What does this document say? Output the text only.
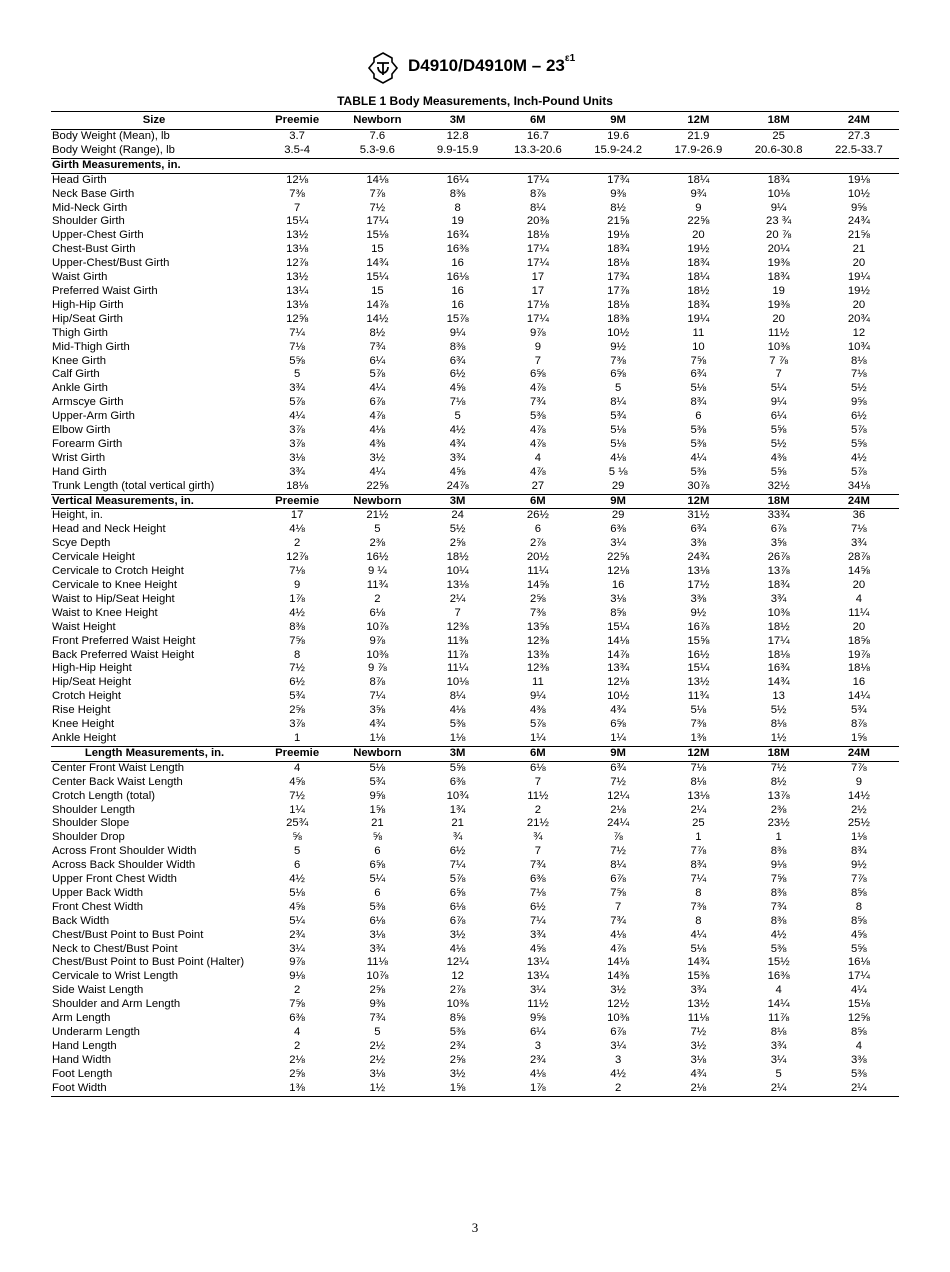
$D4910/D4910M - 23^{\varepsilon 1}$
TABLE 1 Body Measurements, Inch-Pound Units
Size	Preemie	Newborn	3M	6M	9M	12M	18M	24M
Body Weight (Mean), lb	3.7	7.6	12.8	16.7	19.6	21.9	25	27.3
Body Weight (Range), lb	3.5-4	5.3-9.6	9.9-15.9	13.3-20.6	15.9-24.2	17.9-26.9	20.6-30.8	22.5-33.7
Girth Measurements, in.								
Head Girth	12⅛	14⅛	16¼	17¼	17¾	18¼	18¾	19⅛
Neck Base Girth	7⅜	7⅞	8⅜	8⅞	9⅜	9¾	10⅛	10½
Mid-Neck Girth	7	7½	8	8¼	8½	9	9¼	9⅝
Shoulder Girth	15¼	17¼	19	20⅜	21⅝	22⅝	23 ¾	24¾
Upper-Chest Girth	13½	15⅛	16¾	18⅛	19⅛	20	20 ⅞	21⅝
Chest-Bust Girth	13⅛	15	16⅜	17¼	18¾	19½	20¼	21
Upper-Chest/Bust Girth	12⅞	14¾	16	17¼	18⅛	18¾	19⅜	20
Waist Girth	13½	15¼	16⅛	17	17¾	18¼	18¾	19¼
Preferred Waist Girth	13¼	15	16	17	17⅞	18½	19	19½
High-Hip Girth	13⅛	14⅞	16	17⅛	18⅛	18¾	19⅜	20
Hip/Seat Girth	12⅝	14½	15⅞	17¼	18⅜	19¼	20	20¾
Thigh Girth	7¼	8½	9¼	9⅞	10½	11	11½	12
Mid-Thigh Girth	7⅛	7¾	8⅜	9	9½	10	10⅜	10¾
Knee Girth	5⅝	6¼	6¾	7	7⅜	7⅝	7 ⅞	8⅛
Calf Girth	5	5⅞	6½	6⅝	6⅝	6¾	7	7⅛
Ankle Girth	3¾	4¼	4⅝	4⅞	5	5⅛	5¼	5½
Armscye Girth	5⅞	6⅞	7⅛	7¾	8¼	8¾	9¼	9⅝
Upper-Arm Girth	4¼	4⅞	5	5⅜	5¾	6	6¼	6½
Elbow Girth	3⅞	4⅛	4½	4⅞	5⅛	5⅜	5⅝	5⅞
Forearm Girth	3⅞	4⅜	4¾	4⅞	5⅛	5⅜	5½	5⅝
Wrist Girth	3⅛	3½	3¾	4	4⅛	4¼	4⅜	4½
Hand Girth	3¾	4¼	4⅝	4⅞	5 ⅛	5⅜	5⅝	5⅞
Trunk Length (total vertical girth)	18⅛	22⅝	24⅞	27	29	30⅞	32½	34⅛
Vertical Measurements, in.	Preemie	Newborn	3M	6M	9M	12M	18M	24M
Height, in.	17	21½	24	26½	29	31½	33¾	36
Head and Neck Height	4⅛	5	5½	6	6⅜	6¾	6⅞	7⅛
Scye Depth	2	2⅜	2⅝	2⅞	3¼	3⅜	3⅝	3¾
Cervicale Height	12⅞	16½	18½	20½	22⅝	24¾	26⅞	28⅞
Cervicale to Crotch Height	7⅛	9 ¼	10¼	11¼	12⅛	13⅛	13⅞	14⅝
Cervicale to Knee Height	9	11¾	13⅛	14⅝	16	17½	18¾	20
Waist to Hip/Seat Height	1⅞	2	2¼	2⅝	3⅛	3⅜	3¾	4
Waist to Knee Height	4½	6⅛	7	7⅜	8⅝	9½	10⅜	11¼
Waist Height	8⅜	10⅞	12⅜	13⅝	15¼	16⅞	18½	20
Front Preferred Waist Height	7⅝	9⅞	11⅜	12⅜	14⅛	15⅝	17¼	18⅝
Back Preferred Waist Height	8	10⅜	11⅞	13⅜	14⅞	16½	18⅛	19⅞
High-Hip Height	7½	9 ⅞	11¼	12⅜	13¾	15¼	16¾	18⅛
Hip/Seat Height	6½	8⅞	10⅛	11	12⅛	13½	14¾	16
Crotch Height	5¾	7¼	8¼	9¼	10½	11¾	13	14¼
Rise Height	2⅝	3⅝	4⅛	4⅜	4¾	5⅛	5½	5¾
Knee Height	3⅞	4¾	5⅜	5⅞	6⅝	7⅜	8⅛	8⅞
Ankle Height	1	1⅛	1⅛	1¼	1¼	1⅜	1½	1⅝
Length Measurements, in.	Preemie	Newborn	3M	6M	9M	12M	18M	24M
Center Front Waist Length	4	5⅛	5⅝	6⅛	6¾	7⅛	7½	7⅞
Center Back Waist Length	4⅝	5¾	6⅜	7	7½	8⅛	8½	9
Crotch Length (total)	7½	9⅝	10¾	11½	12¼	13⅛	13⅞	14½
Shoulder Length	1¼	1⅝	1¾	2	2⅛	2¼	2⅜	2½
Shoulder Slope	25¾	21	21	21½	24¼	25	23½	25½
Shoulder Drop	⅝	⅝	¾	¾	⅞	1	1	1⅛
Across Front Shoulder Width	5	6	6½	7	7½	7⅞	8⅜	8¾
Across Back Shoulder Width	6	6⅝	7¼	7¾	8¼	8¾	9⅛	9½
Upper Front Chest Width	4½	5¼	5⅞	6⅜	6⅞	7¼	7⅝	7⅞
Upper Back Width	5⅛	6	6⅝	7⅛	7⅝	8	8⅜	8⅝
Front Chest Width	4⅝	5⅜	6⅛	6½	7	7⅜	7¾	8
Back Width	5¼	6⅛	6⅞	7¼	7¾	8	8⅜	8⅝
Chest/Bust Point to Bust Point	2¾	3⅛	3½	3¾	4⅛	4¼	4½	4⅝
Neck to Chest/Bust Point	3¼	3¾	4⅛	4⅝	4⅞	5⅛	5⅜	5⅝
Chest/Bust Point to Bust Point (Halter)	9⅞	11⅛	12¼	13¼	14⅛	14¾	15½	16⅛
Cervicale to Wrist Length	9⅛	10⅞	12	13¼	14⅜	15⅜	16⅜	17¼
Side Waist Length	2	2⅝	2⅞	3¼	3½	3¾	4	4¼
Shoulder and Arm Length	7⅝	9⅜	10⅜	11½	12½	13½	14¼	15⅛
Arm Length	6⅜	7¾	8⅝	9⅝	10⅜	11⅛	11⅞	12⅝
Underarm Length	4	5	5⅜	6¼	6⅞	7½	8⅛	8⅝
Hand Length	2	2½	2¾	3	3¼	3½	3¾	4
Hand Width	2⅛	2½	2⅝	2¾	3	3⅛	3¼	3⅜
Foot Length	2⅝	3⅛	3½	4⅛	4½	4¾	5	5⅜
Foot Width	1⅜	1½	1⅝	1⅞	2	2⅛	2¼	2¼
3
